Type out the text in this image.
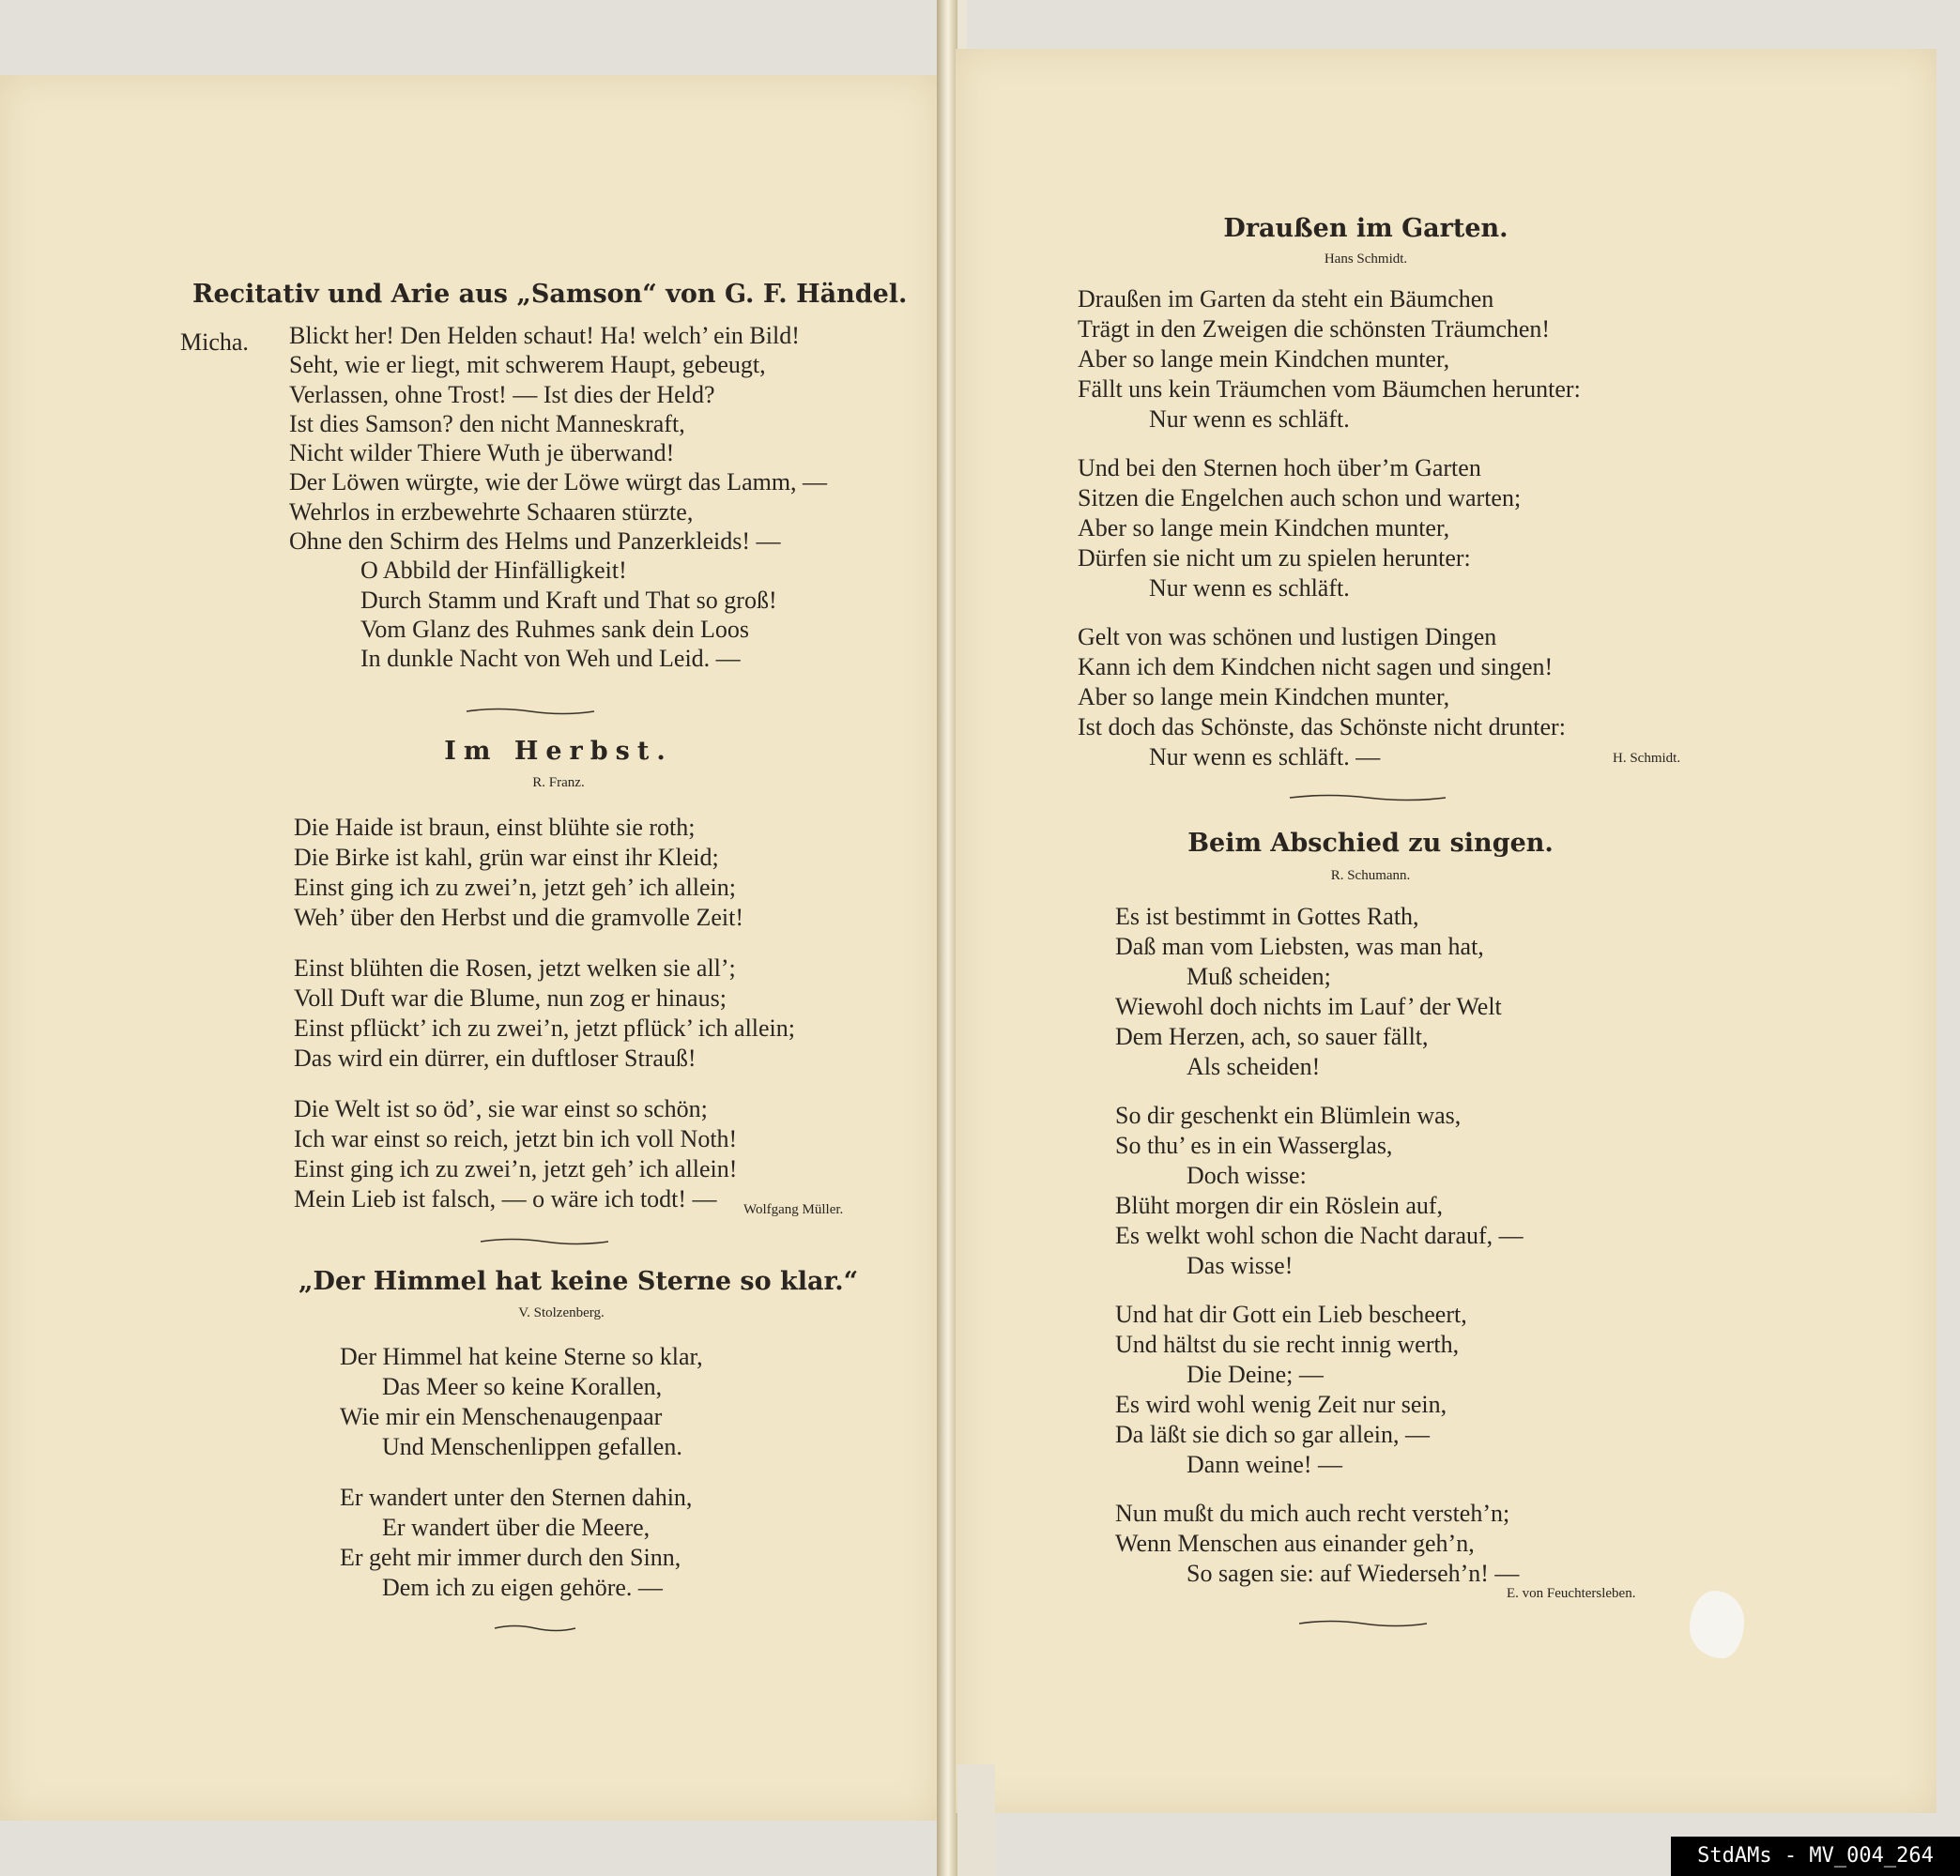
Recitativ und Arie aus „Samson“ von G. F. Händel.
Micha. Blickt her! Den Helden schaut! Ha! welch’ ein Bild!
Seht, wie er liegt, mit schwerem Haupt, gebeugt,
Verlassen, ohne Trost! — Ist dies der Held?
Ist dies Samson? den nicht Manneskraft,
Nicht wilder Thiere Wuth je überwand!
Der Löwen würgte, wie der Löwe würgt das Lamm, —
Wehrlos in erzbewehrte Schaaren stürzte,
Ohne den Schirm des Helms und Panzerkleids! —
O Abbild der Hinfälligkeit!
Durch Stamm und Kraft und That so groß!
Vom Glanz des Ruhmes sank dein Loos
In dunkle Nacht von Weh und Leid. —
Im Herbst.
R. Franz.
Die Haide ist braun, einst blühte sie roth;
Die Birke ist kahl, grün war einst ihr Kleid;
Einst ging ich zu zwei’n, jetzt geh’ ich allein;
Weh’ über den Herbst und die gramvolle Zeit!
Einst blühten die Rosen, jetzt welken sie all’;
Voll Duft war die Blume, nun zog er hinaus;
Einst pflückt’ ich zu zwei’n, jetzt pflück’ ich allein;
Das wird ein dürrer, ein duftloser Strauß!
Die Welt ist so öd’, sie war einst so schön;
Ich war einst so reich, jetzt bin ich voll Noth!
Einst ging ich zu zwei’n, jetzt geh’ ich allein!
Mein Lieb ist falsch, — o wäre ich todt! —	Wolfgang Müller.
„Der Himmel hat keine Sterne so klar.“
V. Stolzenberg.
Der Himmel hat keine Sterne so klar,
Das Meer so keine Korallen,
Wie mir ein Menschenaugenpaar
Und Menschenlippen gefallen.
Er wandert unter den Sternen dahin,
Er wandert über die Meere,
Er geht mir immer durch den Sinn,
Dem ich zu eigen gehöre. —
Draußen im Garten.
Hans Schmidt.
Draußen im Garten da steht ein Bäumchen
Trägt in den Zweigen die schönsten Träumchen!
Aber so lange mein Kindchen munter,
Fällt uns kein Träumchen vom Bäumchen herunter:
Nur wenn es schläft.
Und bei den Sternen hoch über’m Garten
Sitzen die Engelchen auch schon und warten;
Aber so lange mein Kindchen munter,
Dürfen sie nicht um zu spielen herunter:
Nur wenn es schläft.
Gelt von was schönen und lustigen Dingen
Kann ich dem Kindchen nicht sagen und singen!
Aber so lange mein Kindchen munter,
Ist doch das Schönste, das Schönste nicht drunter:
Nur wenn es schläft. —	H. Schmidt.
Beim Abschied zu singen.
R. Schumann.
Es ist bestimmt in Gottes Rath,
Daß man vom Liebsten, was man hat,
Muß scheiden;
Wiewohl doch nichts im Lauf’ der Welt
Dem Herzen, ach, so sauer fällt,
Als scheiden!
So dir geschenkt ein Blümlein was,
So thu’ es in ein Wasserglas,
Doch wisse:
Blüht morgen dir ein Röslein auf,
Es welkt wohl schon die Nacht darauf, —
Das wisse!
Und hat dir Gott ein Lieb bescheert,
Und hältst du sie recht innig werth,
Die Deine; —
Es wird wohl wenig Zeit nur sein,
Da läßt sie dich so gar allein, —
Dann weine! —
Nun mußt du mich auch recht versteh’n;
Wenn Menschen aus einander geh’n,
So sagen sie: auf Wiederseh’n! —
E. von Feuchtersleben.
StdAMs - MV_004_264
